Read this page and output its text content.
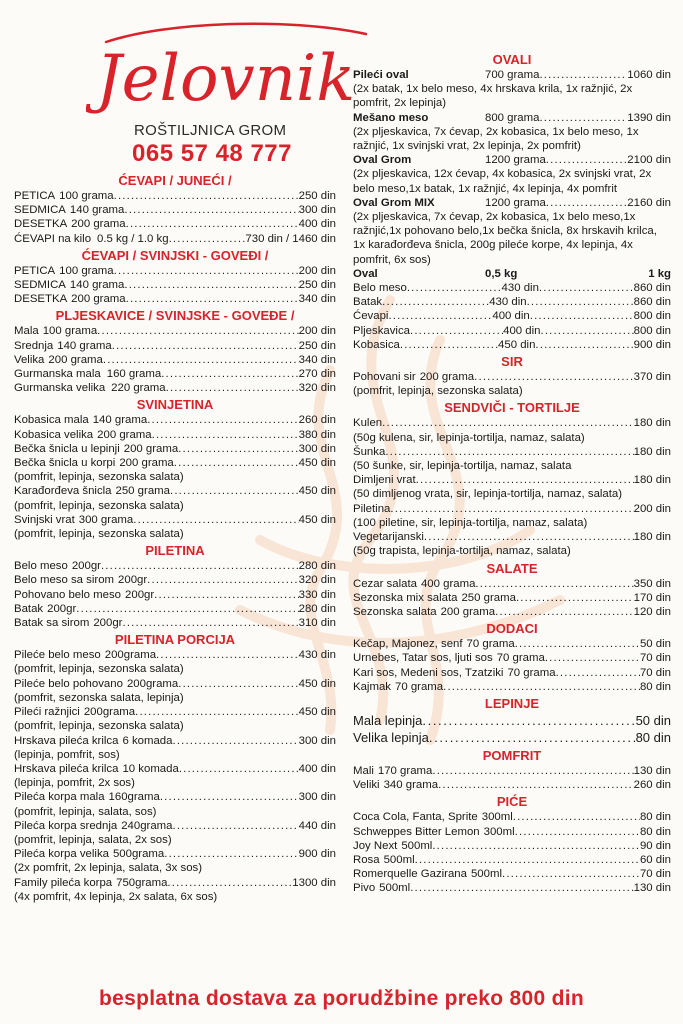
Jelovnik
ROŠTILJNICA GROM
065 57 48 777
ĆEVAPI / JUNEĆI /
PETICA 100 grama . . .	250 din
SEDMICA 140 grama . . .	300 din
DESETKA 200 grama . . .	400 din
ĆEVAPI na kilo 0.5 kg / 1.0 kg . . .	730 din / 1460 din
ĆEVAPI / SVINJSKI - GOVEĐI /
PETICA 100 grama . . .	200 din
SEDMICA 140 grama . . .	250 din
DESETKA 200 grama . . .	340 din
PLJESKAVICE / SVINJSKE - GOVEĐE /
Mala 100 grama . . .	200 din
Srednja 140 grama . . .	250 din
Velika 200 grama . . .	340 din
Gurmanska mala 160 grama . . .	270 din
Gurmanska velika 220 grama . . .	320 din
SVINJETINA
Kobasica mala 140 grama . . .	260 din
Kobasica velika 200 grama . . .	380 din
Bečka šnicla u lepinji 200 grama . . .	300 din
Bečka šnicla u korpi 200 grama . . .	450 din
(pomfrit, lepinja, sezonska salata)
Karađorđeva šnicla 250 grama . . .	450 din
(pomfrit, lepinja, sezonska salata)
Svinjski vrat 300 grama . . .	450 din
(pomfrit, lepinja, sezonska salata)
PILETINA
Belo meso 200gr . . .	280 din
Belo meso sa sirom 200gr . . .	320 din
Pohovano belo meso 200gr . . .	330 din
Batak 200gr . . .	280 din
Batak sa sirom 200gr . . .	310 din
PILETINA PORCIJA
Pileće belo meso 200grama . . .	430 din
(pomfrit, lepinja, sezonska salata)
Pileće belo pohovano 200grama . . .	450 din
(pomfrit, sezonska salata, lepinja)
Pileći ražnjici 200grama . . .	450 din
(pomfrit, lepinja, sezonska salata)
Hrskava pileća krilca 6 komada . . .	300 din
(lepinja, pomfrit, sos)
Hrskava pileća krilca 10 komada . . .	400 din
(lepinja, pomfrit, 2x sos)
Pileća korpa mala 160grama . . .	300 din
(pomfrit, lepinja, salata, sos)
Pileća korpa srednja 240grama . . .	440 din
(pomfrit, lepinja, salata, 2x sos)
Pileća korpa velika 500grama . . .	900 din
(2x pomfrit, 2x lepinja, salata, 3x sos)
Family pileća korpa 750grama . . .	1300 din
(4x pomfrit, 4x lepinja, 2x salata, 6x sos)
OVALI
Pileći oval	700 grama . . .	1060 din
(2x batak, 1x belo meso, 4x hrskava krila, 1x ražnjić, 2x pomfrit, 2x lepinja)
Mešano meso	800 grama . . .	1390 din
(2x pljeskavica, 7x ćevap, 2x kobasica, 1x belo meso, 1x ražnjić, 1x svinjski vrat, 2x lepinja, 2x pomfrit)
Oval Grom	1200 grama . . .	2100 din
(2x pljeskavica, 12x ćevap, 4x kobasica, 2x svinjski vrat, 2x belo meso,1x batak, 1x ražnjić, 4x lepinja, 4x pomfrit
Oval Grom MIX	1200 grama . . .	2160 din
(2x pljeskavica, 7x ćevap, 2x kobasica, 1x belo meso,1x ražnjić,1x pohovano belo,1x bečka šnicla, 8x hrskavih krilca, 1x karađorđeva šnicla, 200g pileće korpe, 4x lepinja, 4x pomfrit, 6x sos)
Oval	0,5 kg	1 kg
Belo meso . . .	430 din . . .	860 din
Batak . . .	430 din . . .	860 din
Ćevapi . . .	400 din . . .	800 din
Pljeskavica . . .	400 din . . .	800 din
Kobasica . . .	450 din . . .	900 din
SIR
Pohovani sir 200 grama . . .	370 din
(pomfrit, lepinja, sezonska salata)
SENDVIČI - TORTILJE
Kulen . . .	180 din
(50g kulena, sir, lepinja-tortilja, namaz, salata)
Šunka . . .	180 din
(50 šunke, sir, lepinja-tortilja, namaz, salata
Dimljeni vrat . . .	180 din
(50 dimljenog vrata, sir, lepinja-tortilja, namaz, salata)
Piletina . . .	200 din
(100 piletine, sir, lepinja-tortilja, namaz, salata)
Vegetarijanski . . .	180 din
(50g trapista, lepinja-tortilja, namaz, salata)
SALATE
Cezar salata 400 grama . . .	350 din
Sezonska mix salata 250 grama . . .	170 din
Sezonska salata 200 grama . . .	120 din
DODACI
Kečap, Majonez, senf 70 grama . . .	50 din
Urnebes, Tatar sos, ljuti sos 70 grama . . .	70 din
Kari sos, Medeni sos, Tzatziki 70 grama . . .	70 din
Kajmak 70 grama . . .	80 din
LEPINJE
Mala lepinja . . .	50 din
Velika lepinja . . .	80 din
POMFRIT
Mali 170 grama . . .	130 din
Veliki 340 grama . . .	260 din
PIĆE
Coca Cola, Fanta, Sprite 300ml . . .	80 din
Schweppes Bitter Lemon 300ml . . .	80 din
Joy Next 500ml . . .	90 din
Rosa 500ml . . .	60 din
Romerquelle Gazirana 500ml . . .	70 din
Pivo 500ml . . .	130 din
besplatna dostava za porudžbine preko 800 din
